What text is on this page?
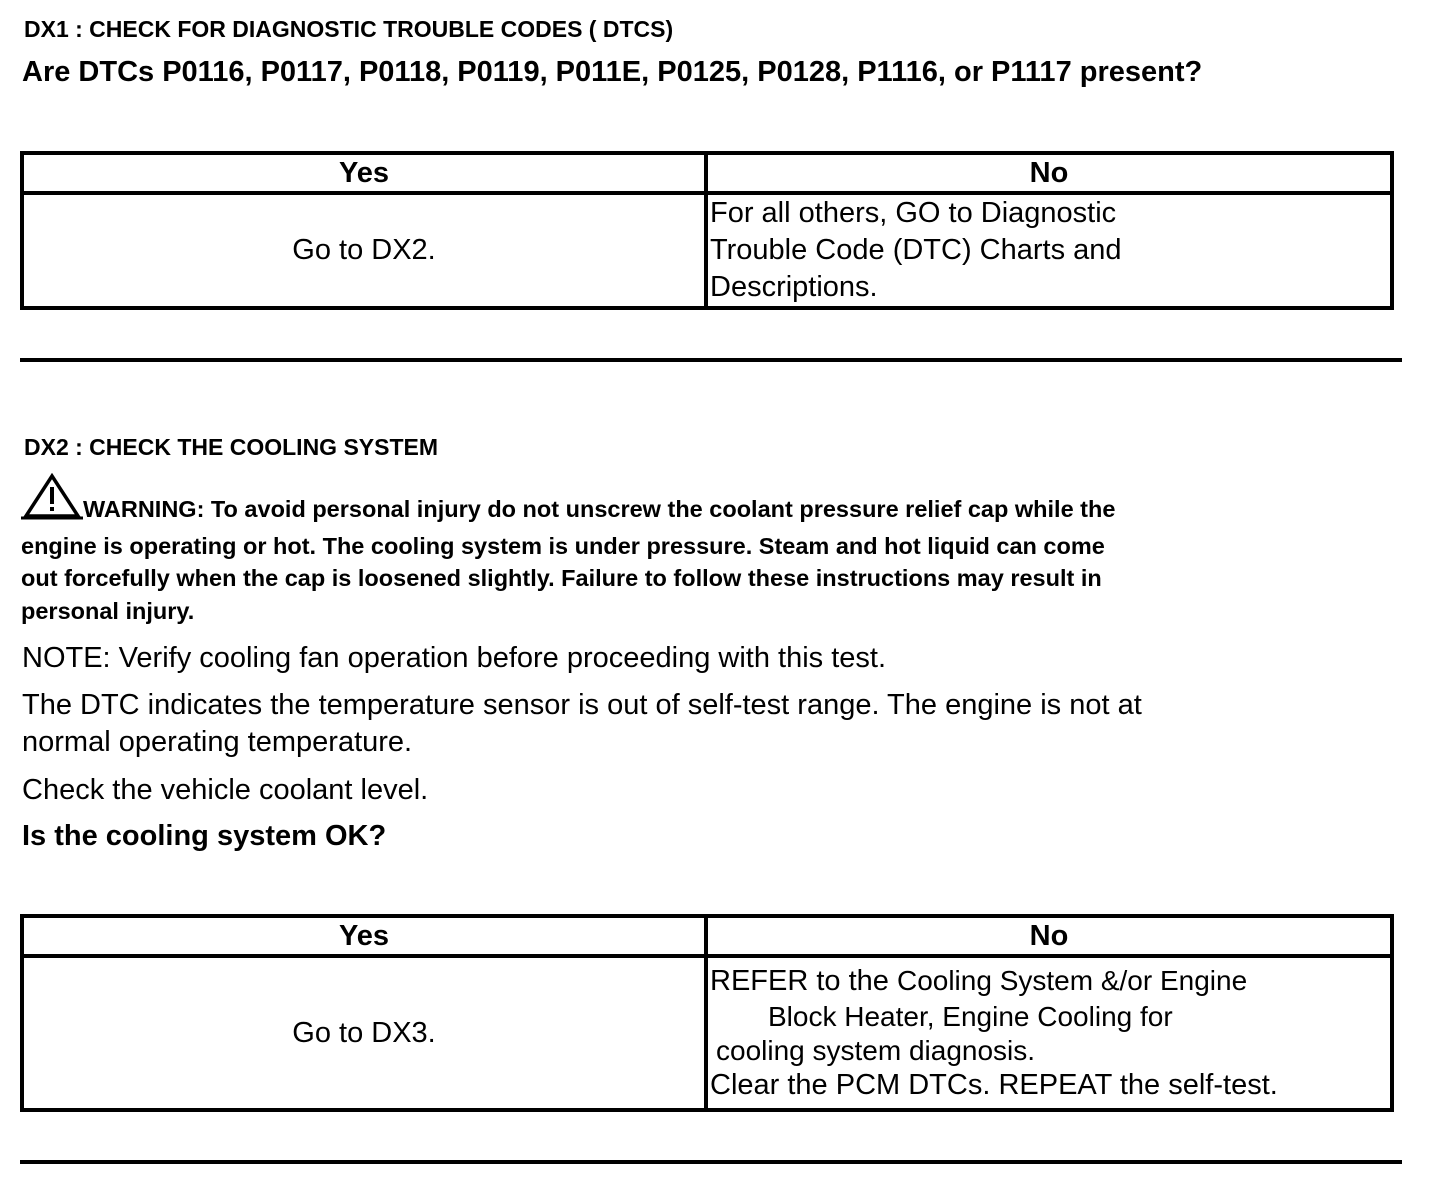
DX1 : CHECK FOR DIAGNOSTIC TROUBLE CODES ( DTCS)
Are DTCs P0116, P0117, P0118, P0119, P011E, P0125, P0128, P1116, or P1117 present?
Yes	No
Go to DX2.	For all others, GO to Diagnostic
Trouble Code (DTC) Charts and
Descriptions.
DX2 : CHECK THE COOLING SYSTEM
WARNING: To avoid personal injury do not unscrew the coolant pressure relief cap while the
engine is operating or hot. The cooling system is under pressure. Steam and hot liquid can come
out forcefully when the cap is loosened slightly. Failure to follow these instructions may result in
personal injury.
NOTE: Verify cooling fan operation before proceeding with this test.
The DTC indicates the temperature sensor is out of self-test range. The engine is not at
normal operating temperature.
Check the vehicle coolant level.
Is the cooling system OK?
Yes	No
Go to DX3.	REFER to the Cooling System &/or Engine
Block Heater, Engine Cooling for
cooling system diagnosis.
Clear the PCM DTCs. REPEAT the self-test.
